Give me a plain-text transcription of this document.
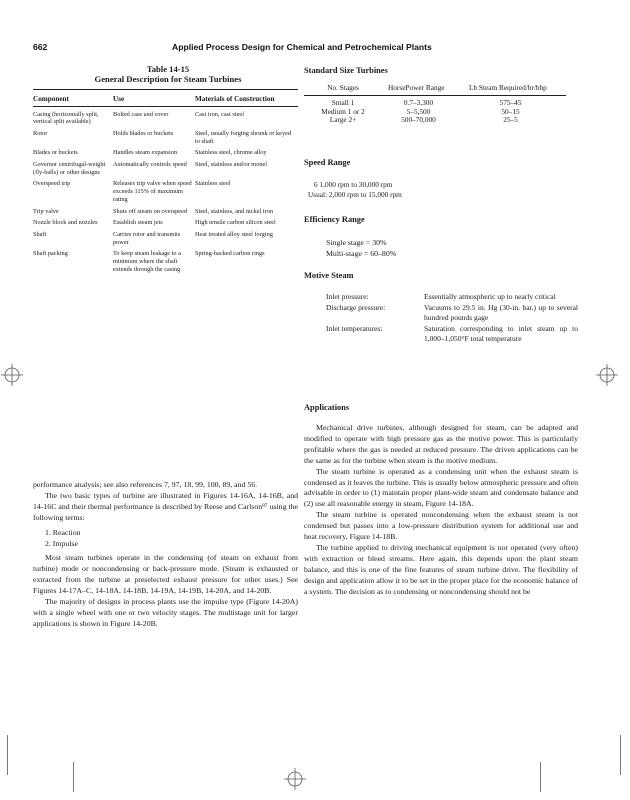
662	Applied Process Design for Chemical and Petrochemical Plants
Table 14-15
General Description for Steam Turbines
Component	Use	Materials of Construction

Casing (horizontally split, vertical split available)	Bolted case and cover	Cast iron, cast steel
Rotor	Holds blades or buckets	Steel, usually forging shrunk or keyed to shaft
Blades or buckets	Handles steam expansion	Stainless steel, chrome alloy
Governor centrifugal-weight (fly-balls) or other designs	Automatically controls speed	Steel, stainless and/or monel
Overspeed trip	Releases trip valve when speed exceeds 115% of maximum rating	Stainless steel
Trip valve	Shuts off steam on overspeed	Steel, stainless, and nickel iron
Nozzle block and nozzles	Establish steam jets	High tensile carbon silicon steel
Shaft	Carries rotor and transmits power	Heat treated alloy steel forging
Shaft packing	To keep steam leakage to a minimum where the shaft extends through the casing	Spring-backed carbon rings

performance analysis; see also references 7, 97, 18, 99, 100, 89, and 56.

The two basic types of turbine are illustrated in Figures 14-16A, 14-16B, and 14-16C and their thermal performance is described by Reese and Carlson⁹⁷ using the following terms:

1. Reaction
2. Impulse

Most steam turbines operate in the condensing (of steam on exhaust from turbine) mode or noncondensing or back-pressure mode. (Steam is exhausted or extracted from the turbine at preselected exhaust pressure for other uses.) See Figures 14-17A–C, 14-18A, 14-18B, 14-19A, 14-19B, 14-20A, and 14-20B.

The majority of designs in process plants use the impulse type (Figure 14-20A) with a single wheel with one or two velocity stages. The multistage unit for larger applications is shown in Figure 14-20B.

Standard Size Turbines
No. Stages	HorsePower Range	Lb Steam Required/hr/bhp

Small 1	0.7–3,300	575–45
Medium 1 or 2	5–5,500	50–15
Large 2+	500–70,000	25–5
Speed Range
6 1,000 rpm to 30,000 rpm
Usual: 2,000 rpm to 15,000 rpm
Efficiency Range
Single stage = 30%
Multi-stage = 60–80%
Motive Steam
Inlet pressure:	Essentially atmospheric up to nearly critical
Discharge pressure:	Vacuums to 29.5 in. Hg (30-in. bar.) up to several hundred pounds gage
Inlet temperatures:	Saturation corresponding to inlet steam up to 1,000–1,050°F total temperature
Applications

Mechanical drive turbines, although designed for steam, can be adapted and modified to operate with high pressure gas as the motive power. This is particularly profitable where the gas is needed at reduced pressure. The driven applications can be the same as for the turbine when steam is the motive medium.

The steam turbine is operated as a condensing unit when the exhaust steam is condensed as it leaves the turbine. This is usually below atmospheric pressure and often advisable in order to (1) maintain proper plant-wide steam and condensate balance and (2) use all reasonable energy in steam, Figure 14-18A.

The steam turbine is operated noncondensing when the exhaust steam is not condensed but passes into a low-pressure distribution system for additional use and heat recovery, Figure 14-18B.

The turbine applied to driving mechanical equipment is not operated (very often) with extraction or bleed streams. Here again, this depends upon the plant steam balance, and this is one of the fine features of steam turbine drive. The flexibility of design and application allow it to be set in the proper place for the economic balance of a system. The decision as to condensing or noncondensing should not be
